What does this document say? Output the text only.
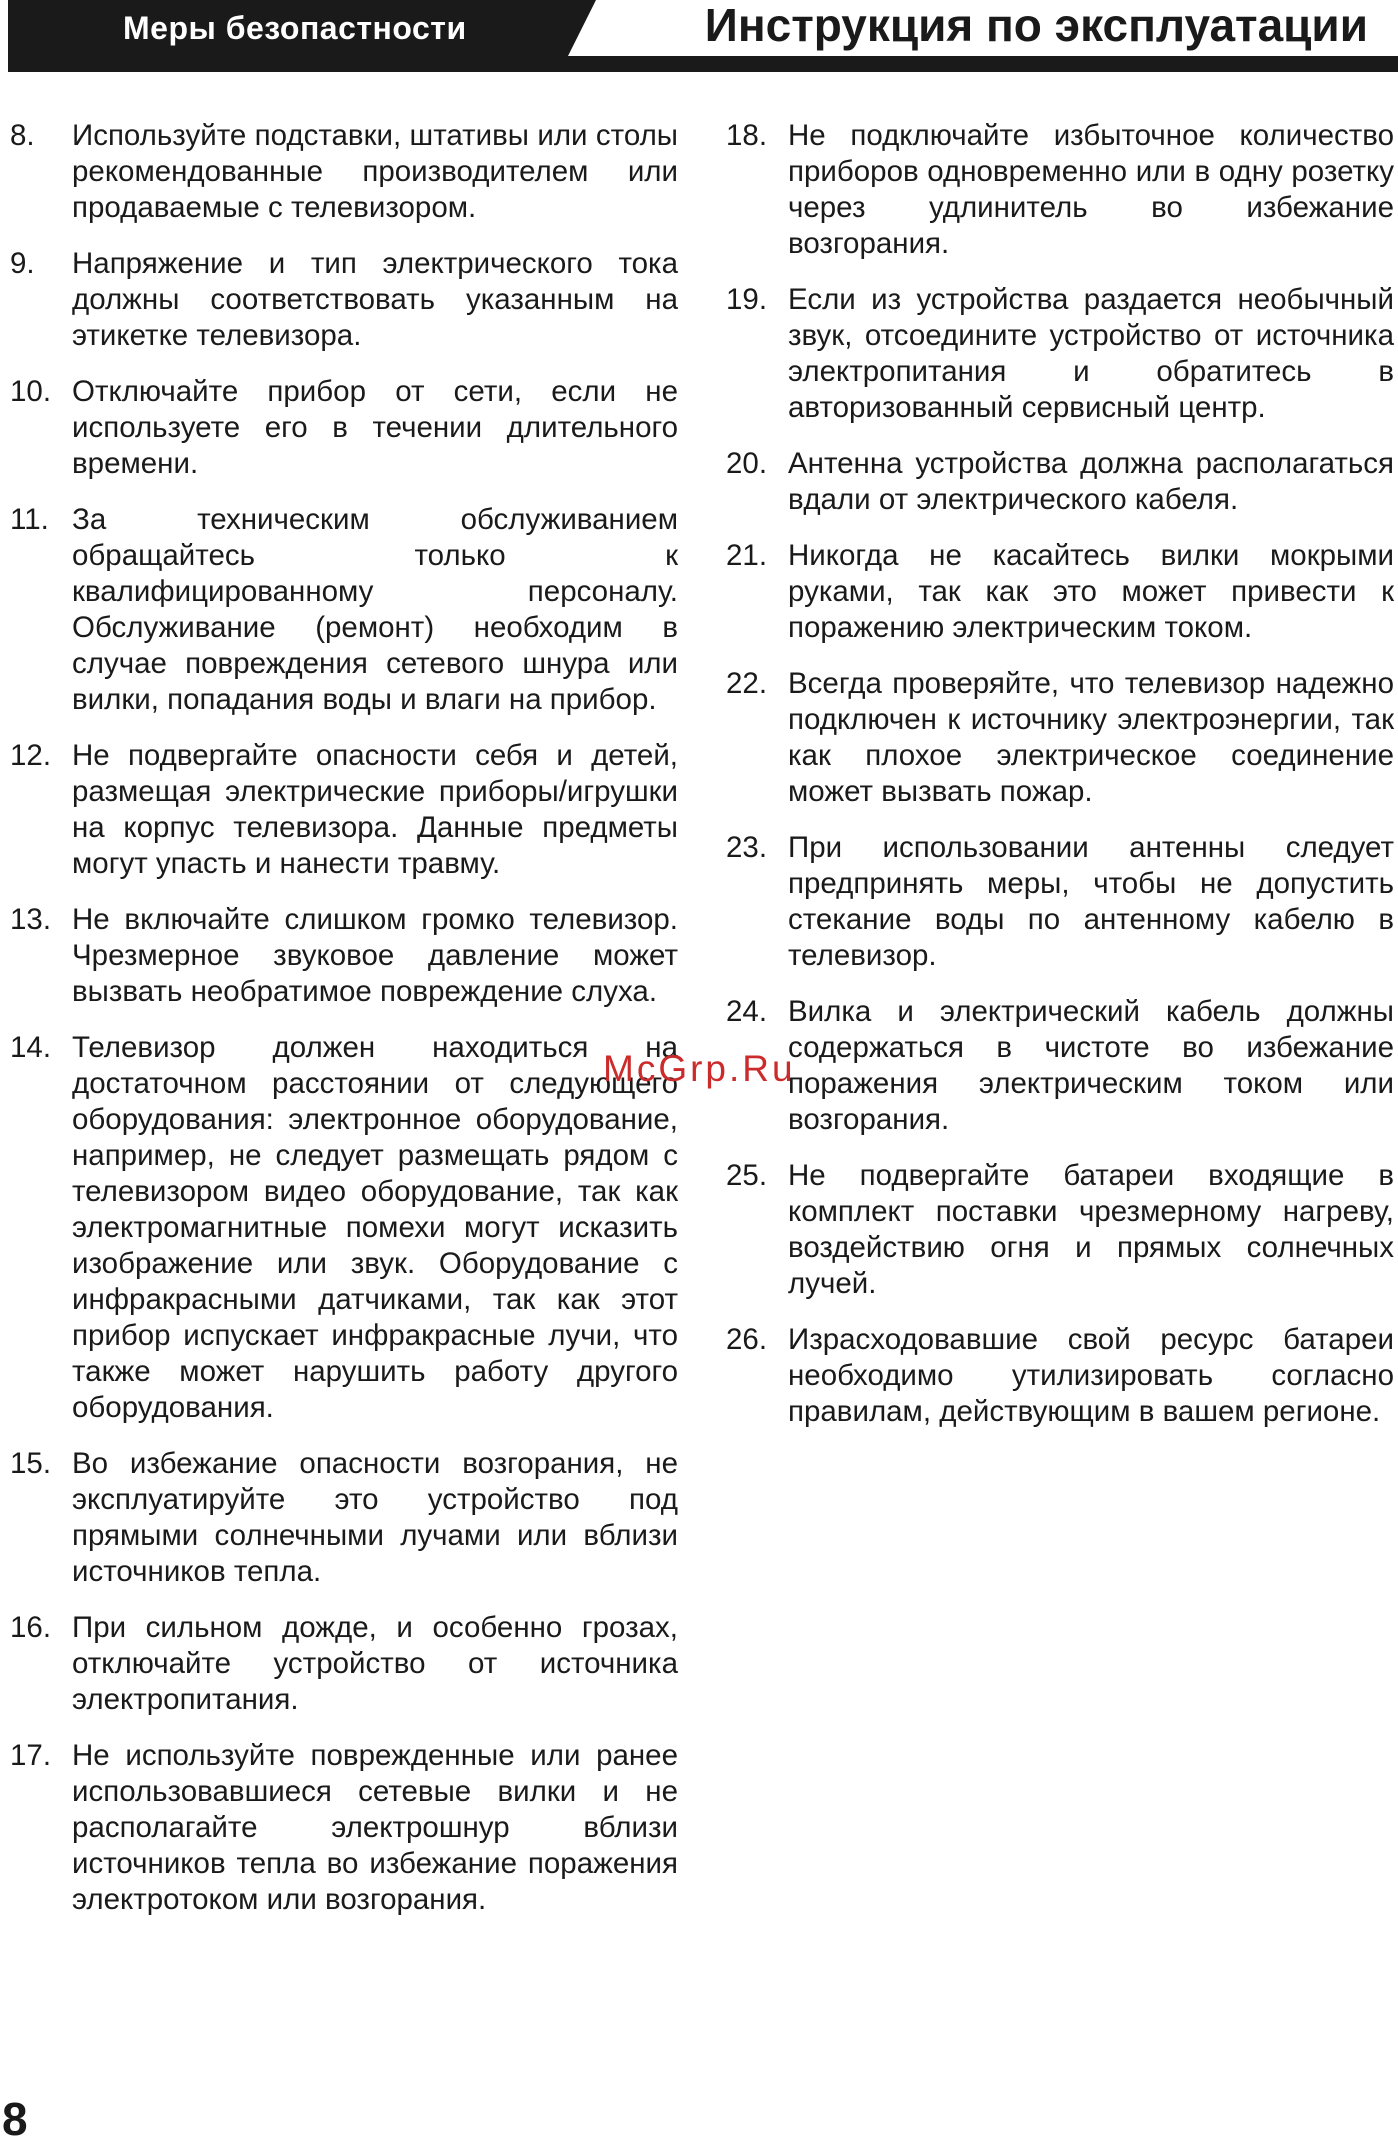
Меры безопастности	Инструкция по эксплуатации
8. Используйте подставки, штативы или столы рекомендованные производителем или продаваемые с телевизором.
9. Напряжение и тип электрического тока должны соответствовать указанным на этикетке телевизора.
10. Отключайте прибор от сети, если не используете его в течении длительного времени.
11. За техническим обслуживанием обращайтесь только к квалифицированному персоналу. Обслуживание (ремонт) необходим в случае повреждения сетевого шнура или вилки, попадания воды и влаги на прибор.
12. Не подвергайте опасности себя и детей, размещая электрические приборы/игрушки на корпус телевизора. Данные предметы могут упасть и нанести травму.
13. Не включайте слишком громко телевизор. Чрезмерное звуковое давление может вызвать необратимое повреждение слуха.
14. Телевизор должен находиться на достаточном расстоянии от следующего оборудования: электронное оборудование, например, не следует размещать рядом с телевизором видео оборудование, так как электромагнитные помехи могут исказить изображение или звук. Оборудование с инфракрасными датчиками, так как этот прибор испускает инфракрасные лучи, что также может нарушить работу другого оборудования.
15. Во избежание опасности возгорания, не эксплуатируйте это устройство под прямыми солнечными лучами или вблизи источников тепла.
16. При сильном дожде, и особенно грозах, отключайте устройство от источника электропитания.
17. Не используйте поврежденные или ранее использовавшиеся сетевые вилки и не располагайте электрошнур вблизи источников тепла во избежание поражения электротоком или возгорания.
18. Не подключайте избыточное количество приборов одновременно или в одну розетку через удлинитель во избежание возгорания.
19. Если из устройства раздается необычный звук, отсоедините устройство от источника электропитания и обратитесь в авторизованный сервисный центр.
20. Антенна устройства должна располагаться вдали от электрического кабеля.
21. Никогда не касайтесь вилки мокрыми руками, так как это может привести к поражению электрическим током.
22. Всегда проверяйте, что телевизор надежно подключен к источнику электроэнергии, так как плохое электрическое соединение может вызвать пожар.
23. При использовании антенны следует предпринять меры, чтобы не допустить стекание воды по антенному кабелю в телевизор.
24. Вилка и электрический кабель должны содержаться в чистоте во избежание поражения электрическим током или возгорания.
25. Не подвергайте батареи входящие в комплект поставки чрезмерному нагреву, воздействию огня и прямых солнечных лучей.
26. Израсходовавшие свой ресурс батареи необходимо утилизировать согласно правилам, действующим в вашем регионе.
McGrp.Ru
8
